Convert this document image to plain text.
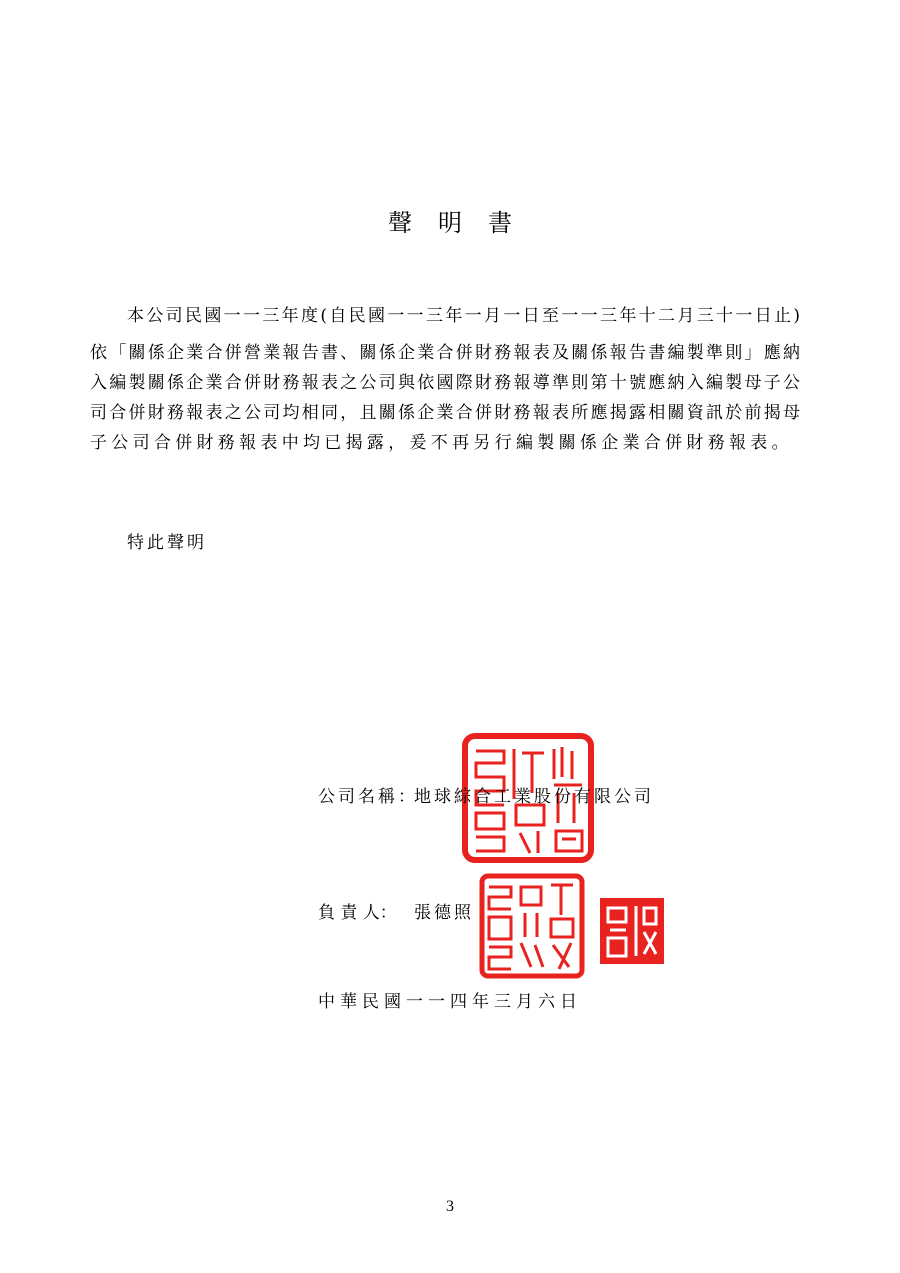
聲明書
本公司民國一一三年度(自民國一一三年一月一日至一一三年十二月三十一日止)
依「關係企業合併營業報告書、關係企業合併財務報表及關係報告書編製準則」應納
入編製關係企業合併財務報表之公司與依國際財務報導準則第十號應納入編製母子公
司合併財務報表之公司均相同，且關係企業合併財務報表所應揭露相關資訊於前揭母
子公司合併財務報表中均已揭露，爰不再另行編製關係企業合併財務報表。
特此聲明
公司名稱：
地球綜合工業股份有限公司
負 責 人： 張德照
中華民國一一四年三月六日
3
